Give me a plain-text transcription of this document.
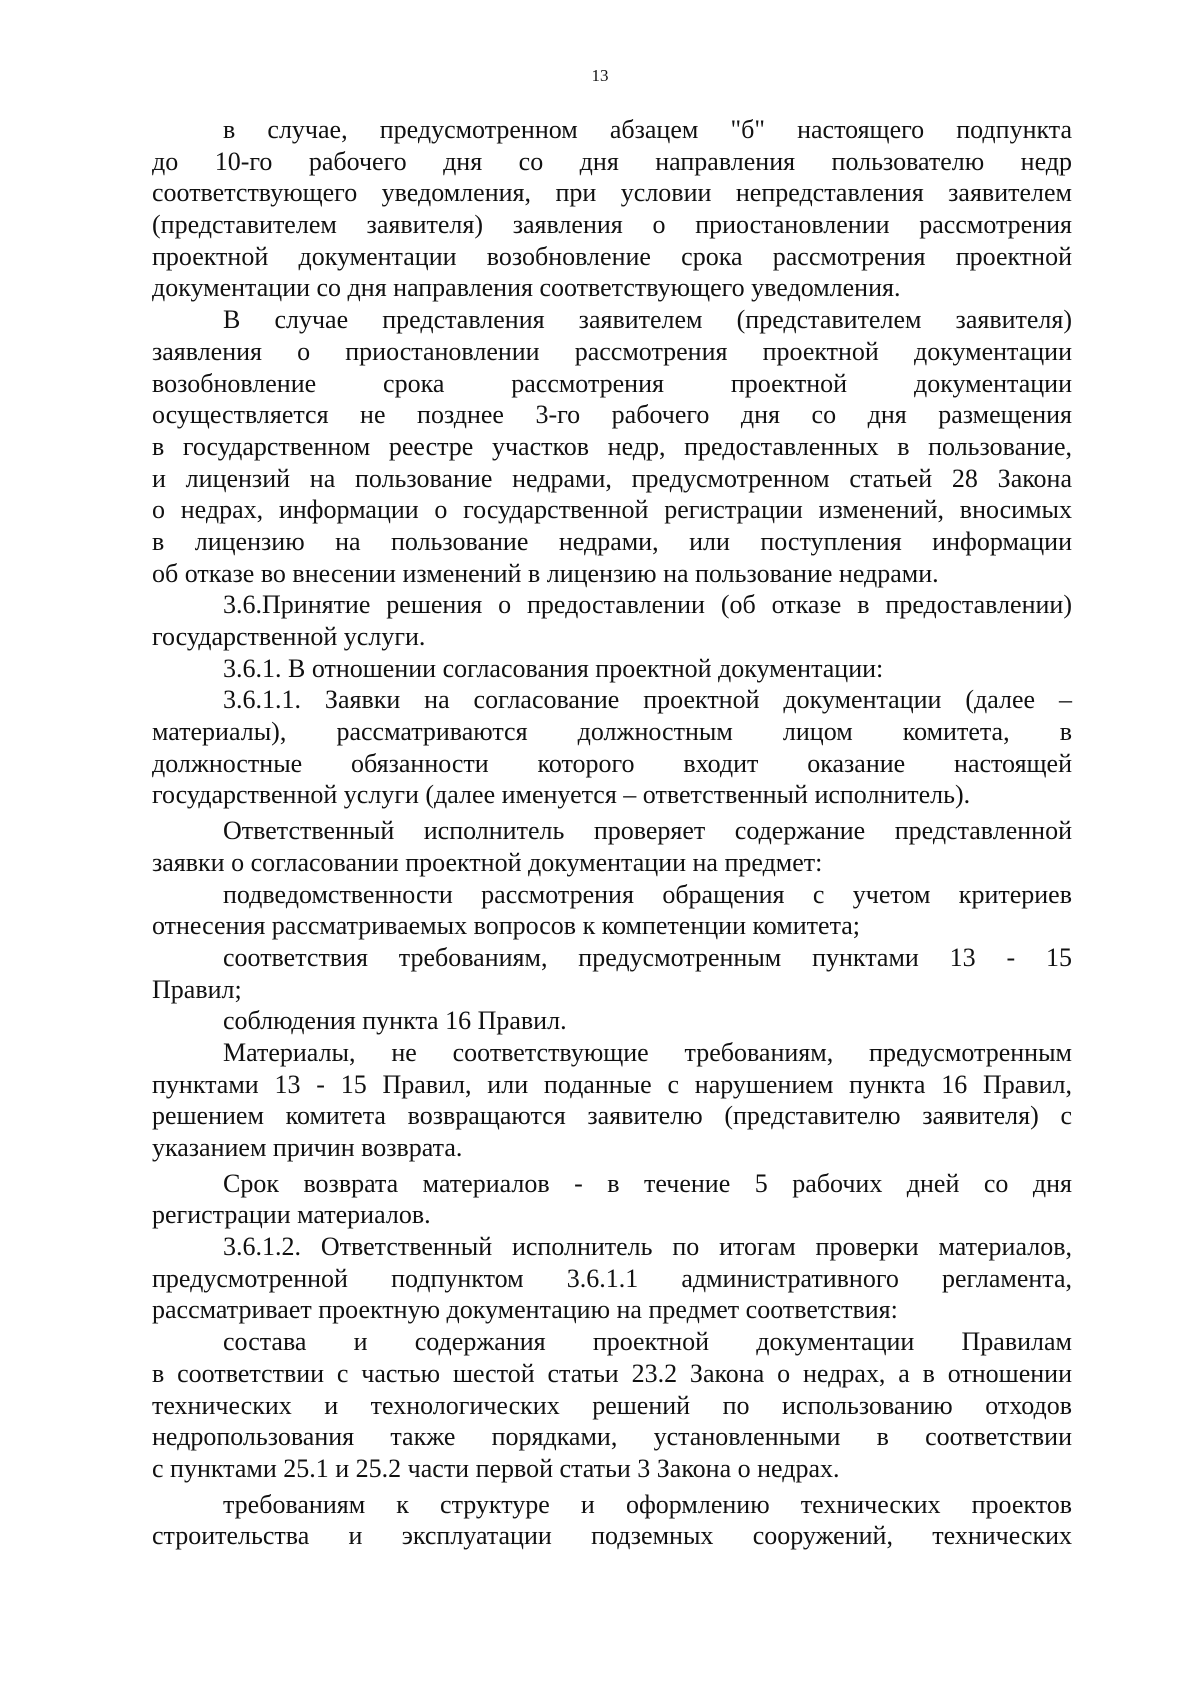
13
в случае, предусмотренном абзацем "б" настоящего подпункта
до 10-го рабочего дня со дня направления пользователю недр
соответствующего уведомления, при условии непредставления заявителем
(представителем заявителя) заявления о приостановлении рассмотрения
проектной документации возобновление срока рассмотрения проектной
документации со дня направления соответствующего уведомления.
В случае представления заявителем (представителем заявителя)
заявления о приостановлении рассмотрения проектной документации
возобновление срока рассмотрения проектной документации
осуществляется не позднее 3-го рабочего дня со дня размещения
в государственном реестре участков недр, предоставленных в пользование,
и лицензий на пользование недрами, предусмотренном статьей 28 Закона
о недрах, информации о государственной регистрации изменений, вносимых
в лицензию на пользование недрами, или поступления информации
об отказе во внесении изменений в лицензию на пользование недрами.
3.6.Принятие решения о предоставлении (об отказе в предоставлении)
государственной услуги.
3.6.1. В отношении согласования проектной документации:
3.6.1.1. Заявки на согласование проектной документации (далее –
материалы), рассматриваются должностным лицом комитета, в
должностные обязанности которого входит оказание настоящей
государственной услуги (далее именуется – ответственный исполнитель).
Ответственный исполнитель проверяет содержание представленной
заявки о согласовании проектной документации на предмет:
подведомственности рассмотрения обращения с учетом критериев
отнесения рассматриваемых вопросов к компетенции комитета;
соответствия требованиям, предусмотренным пунктами 13 - 15
Правил;
соблюдения пункта 16 Правил.
Материалы, не соответствующие требованиям, предусмотренным
пунктами 13 - 15 Правил, или поданные с нарушением пункта 16 Правил,
решением комитета возвращаются заявителю (представителю заявителя) с
указанием причин возврата.
Срок возврата материалов - в течение 5 рабочих дней со дня
регистрации материалов.
3.6.1.2. Ответственный исполнитель по итогам проверки материалов,
предусмотренной подпунктом 3.6.1.1 административного регламента,
рассматривает проектную документацию на предмет соответствия:
состава и содержания проектной документации Правилам
в соответствии с частью шестой статьи 23.2 Закона о недрах, а в отношении
технических и технологических решений по использованию отходов
недропользования также порядками, установленными в соответствии
с пунктами 25.1 и 25.2 части первой статьи 3 Закона о недрах.
требованиям к структуре и оформлению технических проектов
строительства и эксплуатации подземных сооружений, технических
